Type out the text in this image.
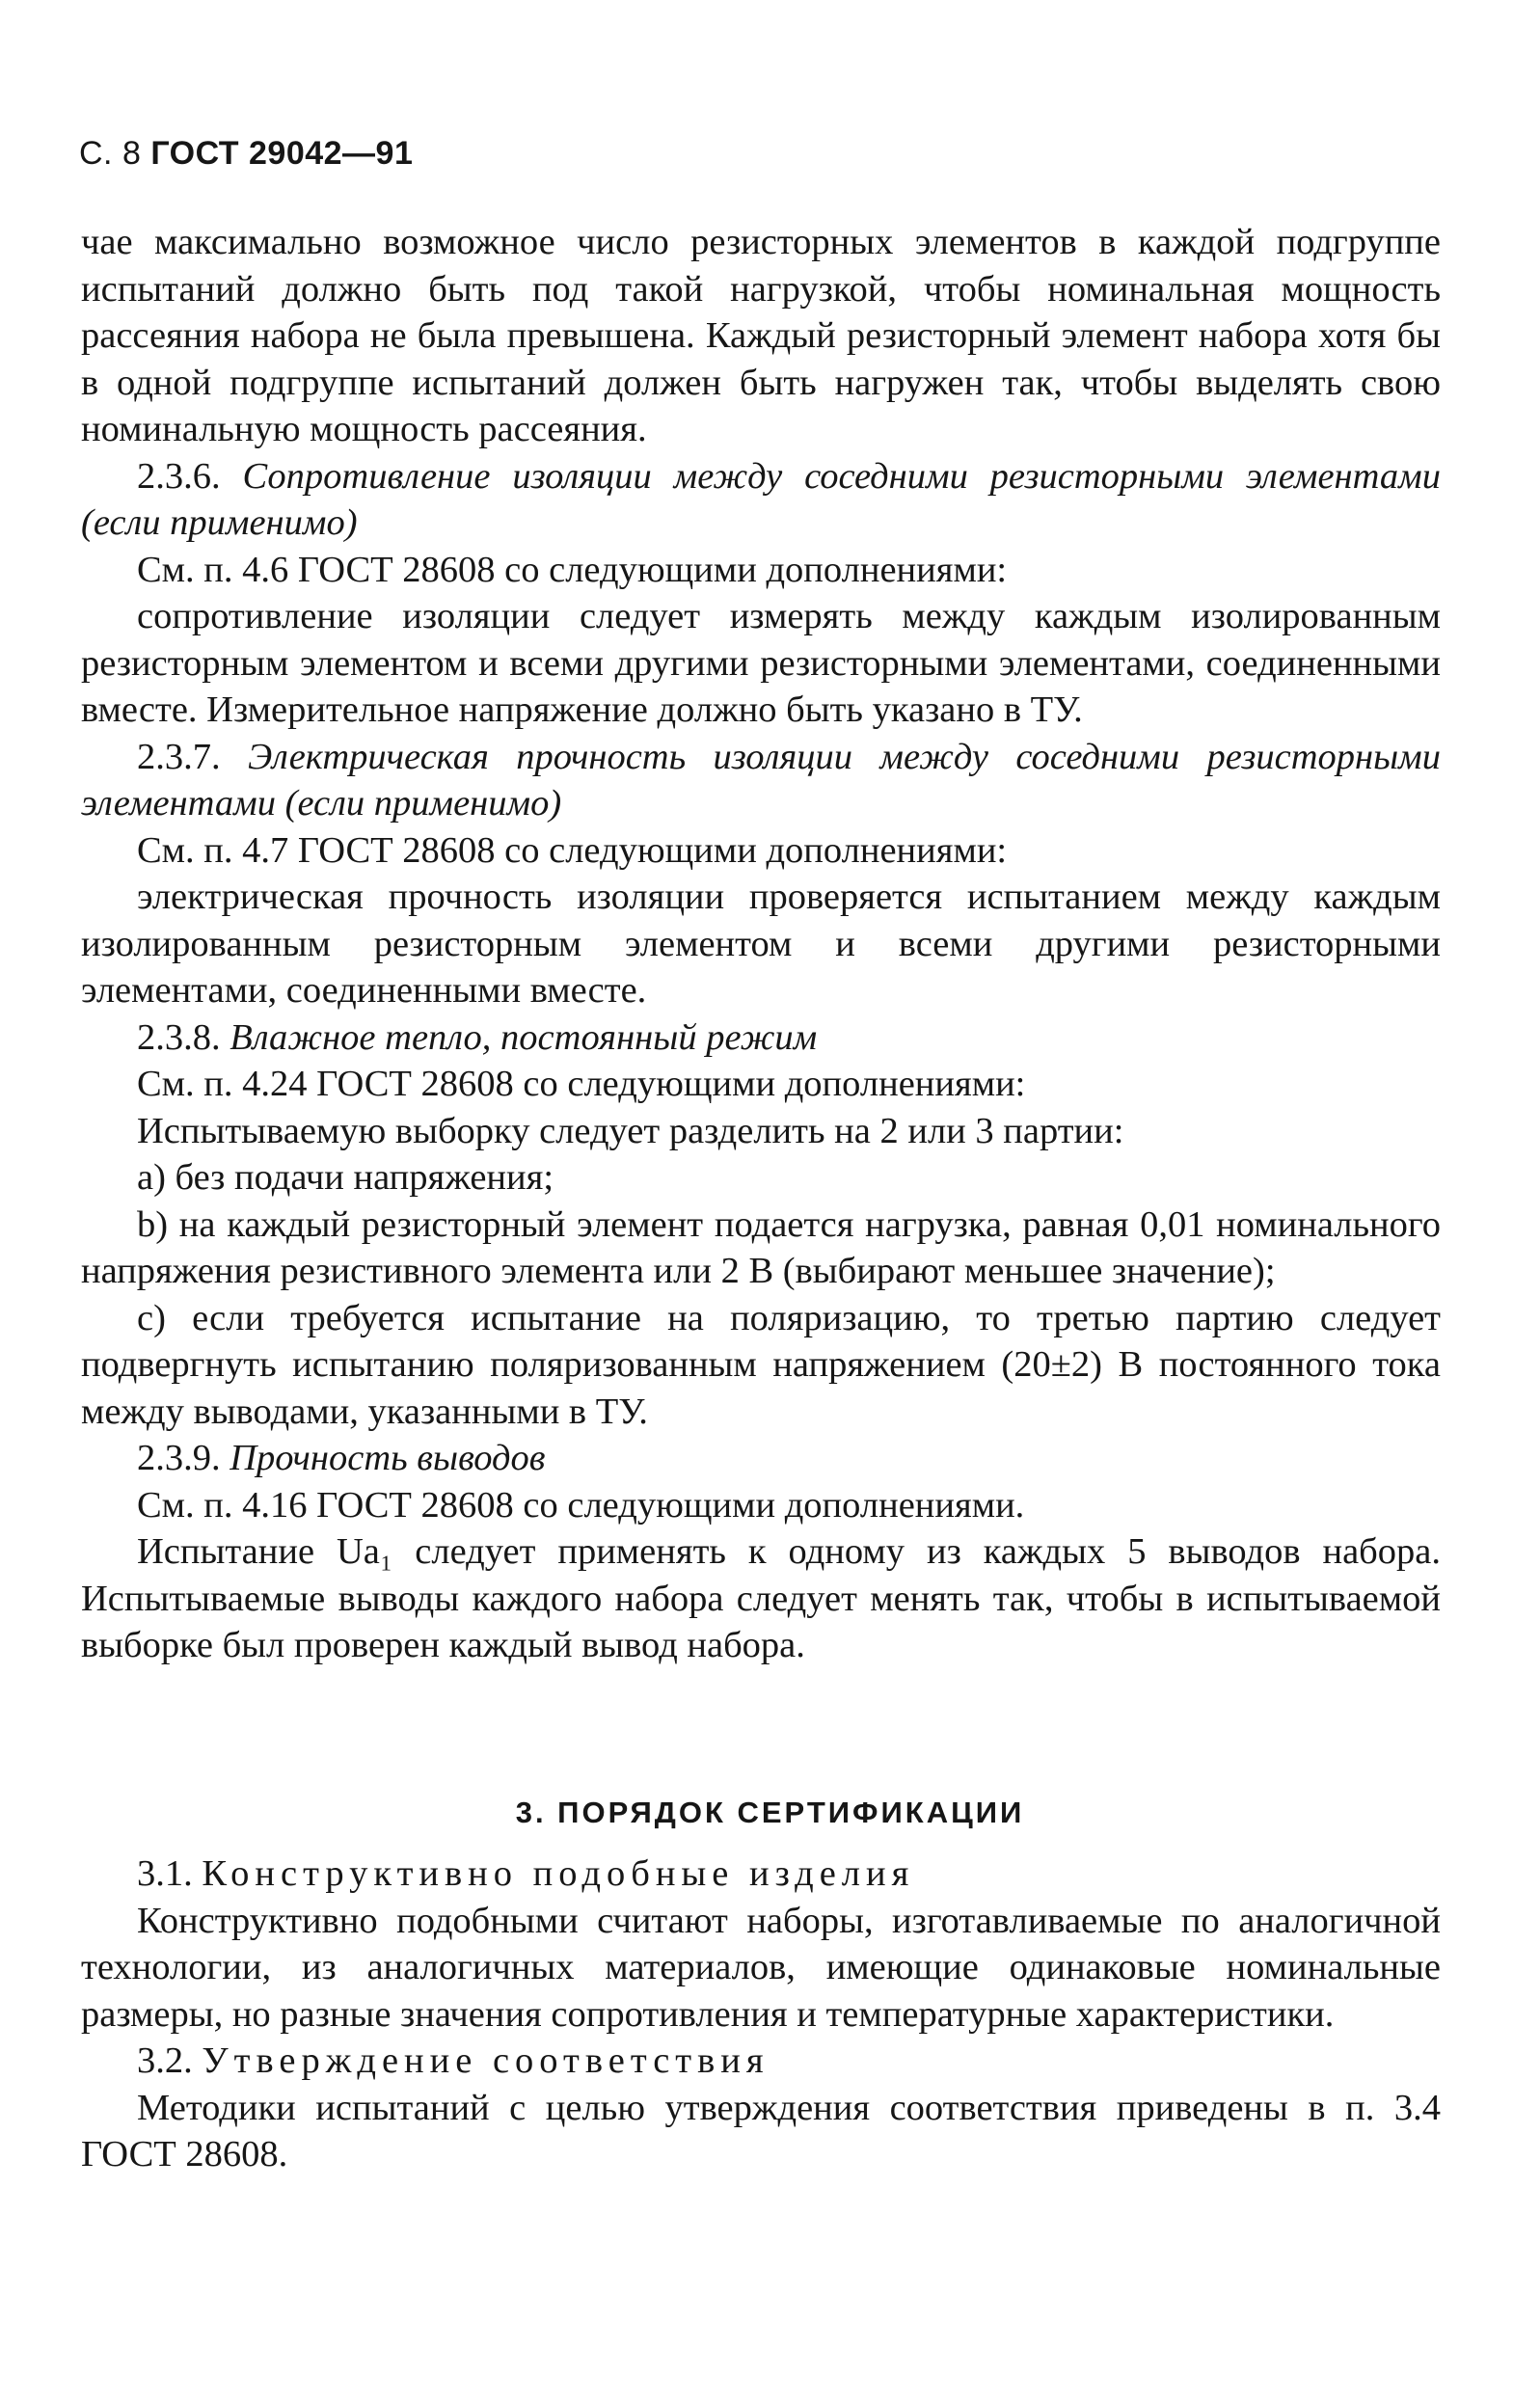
С. 8 ГОСТ 29042—91

чае максимально возможное число резисторных элементов в каждой подгруппе испытаний должно быть под такой нагрузкой, чтобы номинальная мощность рассеяния набора не была превышена. Каждый резисторный элемент набора хотя бы в одной подгруппе испытаний должен быть нагружен так, чтобы выделять свою номинальную мощность рассеяния.

2.3.6. Сопротивление изоляции между соседними резисторными элементами (если применимо)

См. п. 4.6 ГОСТ 28608 со следующими дополнениями:

сопротивление изоляции следует измерять между каждым изолированным резисторным элементом и всеми другими резисторными элементами, соединенными вместе. Измерительное напряжение должно быть указано в ТУ.

2.3.7. Электрическая прочность изоляции между соседними резисторными элементами (если применимо)

См. п. 4.7 ГОСТ 28608 со следующими дополнениями:

электрическая прочность изоляции проверяется испытанием между каждым изолированным резисторным элементом и всеми другими резисторными элементами, соединенными вместе.

2.3.8. Влажное тепло, постоянный режим

См. п. 4.24 ГОСТ 28608 со следующими дополнениями:

Испытываемую выборку следует разделить на 2 или 3 партии:

a) без подачи напряжения;

b) на каждый резисторный элемент подается нагрузка, равная 0,01 номинального напряжения резистивного элемента или 2 В (выбирают меньшее значение);

c) если требуется испытание на поляризацию, то третью партию следует подвергнуть испытанию поляризованным напряжением (20±2) В постоянного тока между выводами, указанными в ТУ.

2.3.9. Прочность выводов

См. п. 4.16 ГОСТ 28608 со следующими дополнениями.

Испытание Ua₁ следует применять к одному из каждых 5 выводов набора. Испытываемые выводы каждого набора следует менять так, чтобы в испытываемой выборке был проверен каждый вывод набора.

3. ПОРЯДОК СЕРТИФИКАЦИИ

3.1. Конструктивно подобные изделия

Конструктивно подобными считают наборы, изготавливаемые по аналогичной технологии, из аналогичных материалов, имеющие одинаковые номинальные размеры, но разные значения сопротивления и температурные характеристики.

3.2. Утверждение соответствия

Методики испытаний с целью утверждения соответствия приведены в п. 3.4 ГОСТ 28608.
